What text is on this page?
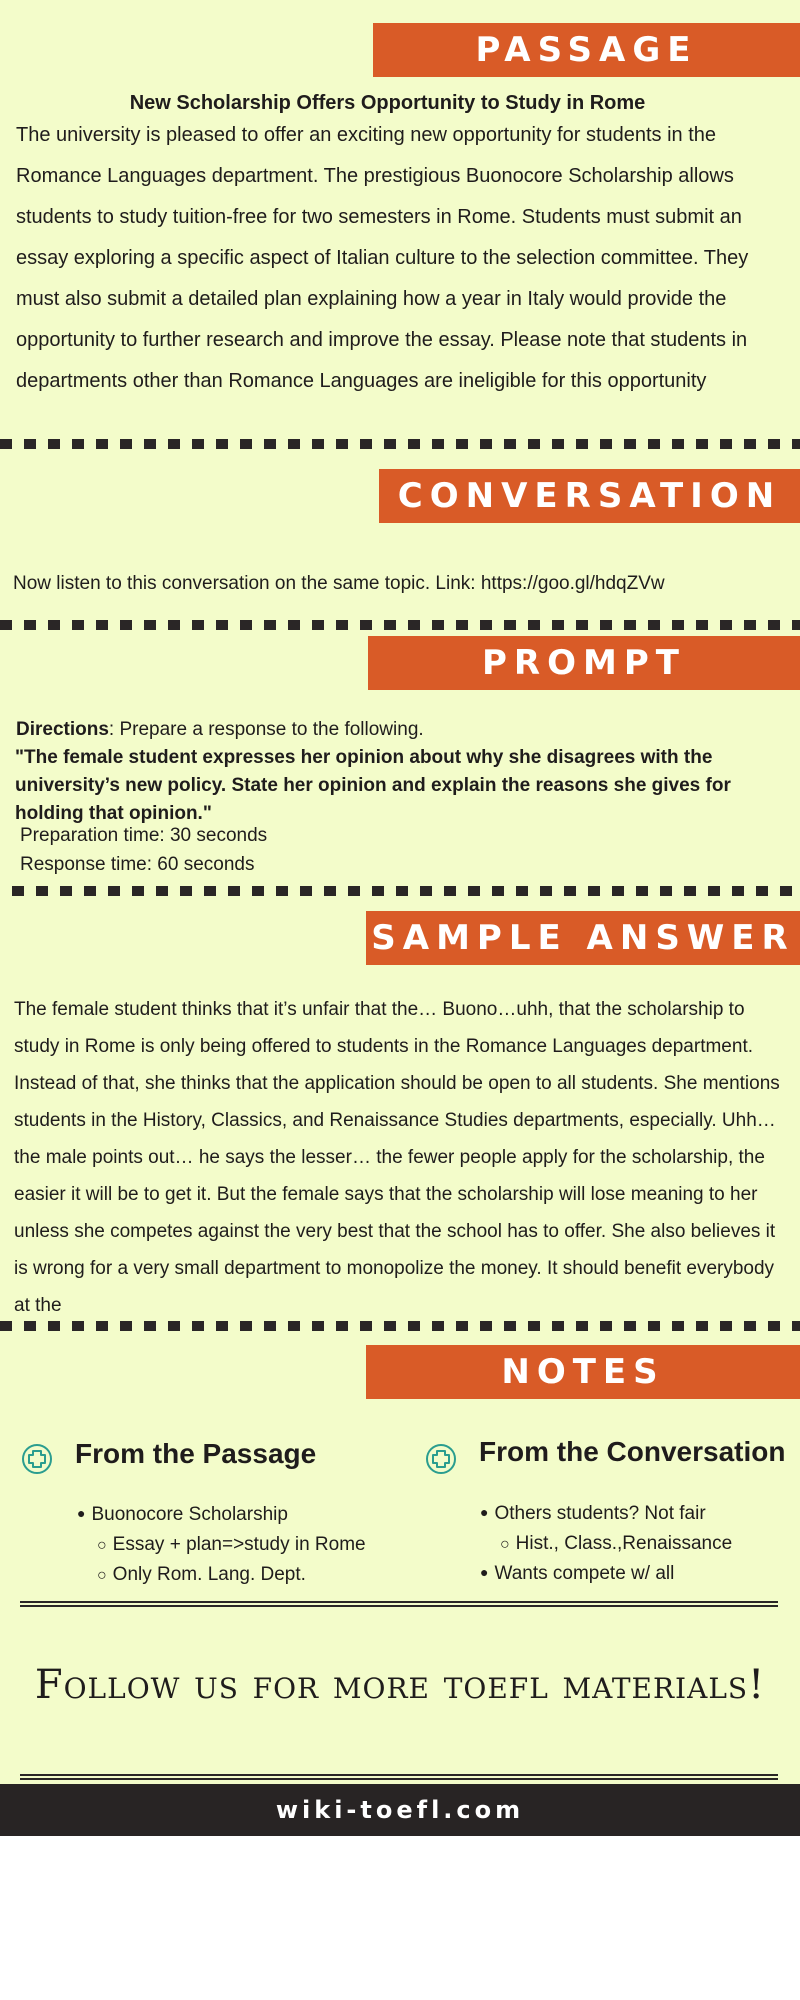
PASSAGE
New Scholarship Offers Opportunity to Study in Rome

The university is pleased to offer an exciting new opportunity for students in the Romance Languages department. The prestigious Buonocore Scholarship allows students to study tuition-free for two semesters in Rome. Students must submit an essay exploring a specific aspect of Italian culture to the selection committee. They must also submit a detailed plan explaining how a year in Italy would provide the opportunity to further research and improve the essay. Please note that students in departments other than Romance Languages are ineligible for this opportunity

CONVERSATION
Now listen to this conversation on the same topic. Link: https://goo.gl/hdqZVw
PROMPT
Directions: Prepare a response to the following.
"The female student expresses her opinion about why she disagrees with the university’s new policy. State her opinion and explain the reasons she gives for holding that opinion."
Preparation time: 30 seconds
Response time: 60 seconds
SAMPLE ANSWER

The female student thinks that it’s unfair that the… Buono…uhh, that the scholarship to study in Rome is only being offered to students in the Romance Languages department. Instead of that, she thinks that the application should be open to all students. She mentions students in the History, Classics, and Renaissance Studies departments, especially. Uhh…the male points out… he says the lesser… the fewer people apply for the scholarship, the easier it will be to get it. But the female says that the scholarship will lose meaning to her unless she competes against the very best that the school has to offer. She also believes it is wrong for a very small department to monopolize the money. It should benefit everybody at the

NOTES
From the Passage
● Buonocore Scholarship
○ Essay + plan=>study in Rome
○ Only Rom. Lang. Dept.
From the Conversation
● Others students? Not fair
○ Hist., Class.,Renaissance
● Wants compete w/ all
Follow us for more toefl materials!
wiki-toefl.com
